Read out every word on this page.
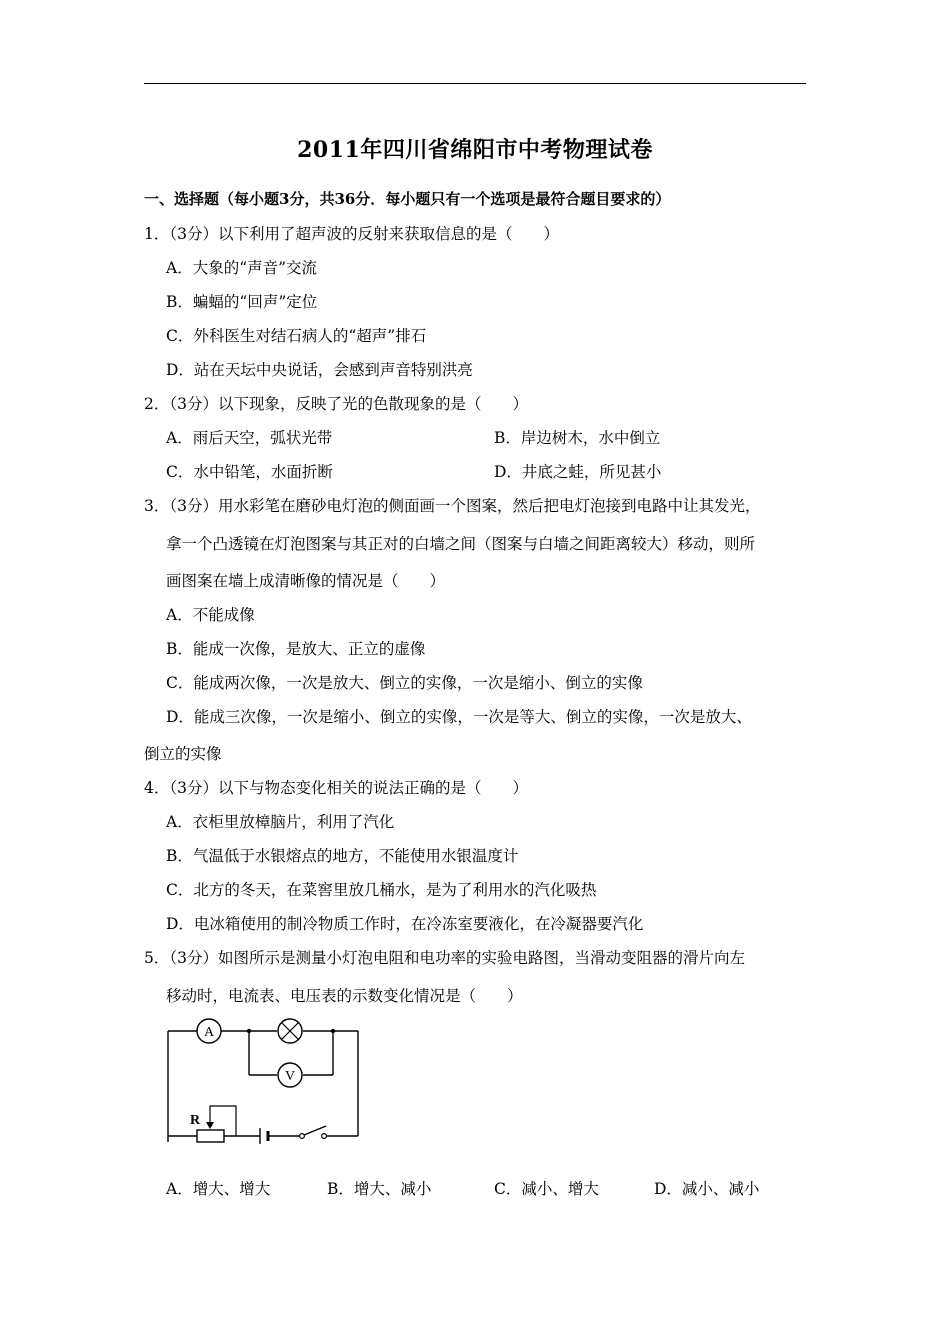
2011年四川省绵阳市中考物理试卷
一、选择题（每小题3分，共36分．每小题只有一个选项是最符合题目要求的）
1．（3分）以下利用了超声波的反射来获取信息的是（　　）
A．大象的“声音”交流
B．蝙蝠的“回声”定位
C．外科医生对结石病人的“超声”排石
D．站在天坛中央说话，会感到声音特别洪亮
2．（3分）以下现象，反映了光的色散现象的是（　　）
A．雨后天空，弧状光带	B．岸边树木，水中倒立
C．水中铅笔，水面折断	D．井底之蛙，所见甚小
3．（3分）用水彩笔在磨砂电灯泡的侧面画一个图案，然后把电灯泡接到电路中让其发光，
拿一个凸透镜在灯泡图案与其正对的白墙之间（图案与白墙之间距离较大）移动，则所
画图案在墙上成清晰像的情况是（　　）
A．不能成像
B．能成一次像，是放大、正立的虚像
C．能成两次像，一次是放大、倒立的实像，一次是缩小、倒立的实像
D．能成三次像，一次是缩小、倒立的实像，一次是等大、倒立的实像，一次是放大、
倒立的实像
4．（3分）以下与物态变化相关的说法正确的是（　　）
A．衣柜里放樟脑片，利用了汽化
B．气温低于水银熔点的地方，不能使用水银温度计
C．北方的冬天，在菜窖里放几桶水，是为了利用水的汽化吸热
D．电冰箱使用的制冷物质工作时，在冷冻室要液化，在冷凝器要汽化
5．（3分）如图所示是测量小灯泡电阻和电功率的实验电路图，当滑动变阻器的滑片向左
移动时，电流表、电压表的示数变化情况是（　　）
A
V
R
A．增大、增大	B．增大、减小	C．减小、增大	D．减小、减小
